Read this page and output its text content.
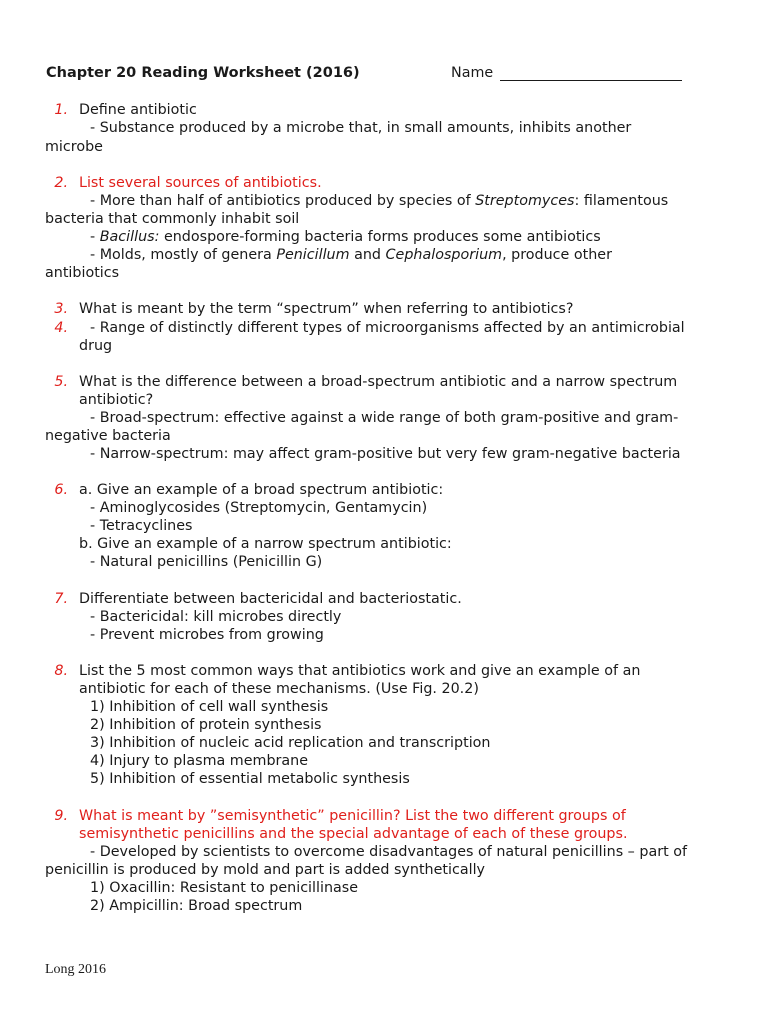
Chapter 20 Reading Worksheet (2016)	Name
1. Define antibiotic
- Substance produced by a microbe that, in small amounts, inhibits another
microbe
2. List several sources of antibiotics.
- More than half of antibiotics produced by species of Streptomyces: filamentous
bacteria that commonly inhabit soil
- Bacillus: endospore-forming bacteria forms produces some antibiotics
- Molds, mostly of genera Penicillum and Cephalosporium, produce other
antibiotics
3. What is meant by the term “spectrum” when referring to antibiotics?
4. - Range of distinctly different types of microorganisms affected by an antimicrobial
drug
5. What is the difference between a broad-spectrum antibiotic and a narrow spectrum
antibiotic?
- Broad-spectrum: effective against a wide range of both gram-positive and gram-
negative bacteria
- Narrow-spectrum: may affect gram-positive but very few gram-negative bacteria
6. a. Give an example of a broad spectrum antibiotic:
- Aminoglycosides (Streptomycin, Gentamycin)
- Tetracyclines
b. Give an example of a narrow spectrum antibiotic:
- Natural penicillins (Penicillin G)
7. Differentiate between bactericidal and bacteriostatic.
- Bactericidal: kill microbes directly
- Prevent microbes from growing
8. List the 5 most common ways that antibiotics work and give an example of an
antibiotic for each of these mechanisms. (Use Fig. 20.2)
1) Inhibition of cell wall synthesis
2) Inhibition of protein synthesis
3) Inhibition of nucleic acid replication and transcription
4) Injury to plasma membrane
5) Inhibition of essential metabolic synthesis
9. What is meant by ”semisynthetic” penicillin? List the two different groups of
semisynthetic penicillins and the special advantage of each of these groups.
- Developed by scientists to overcome disadvantages of natural penicillins – part of
penicillin is produced by mold and part is added synthetically
1) Oxacillin: Resistant to penicillinase
2) Ampicillin: Broad spectrum
Long 2016
